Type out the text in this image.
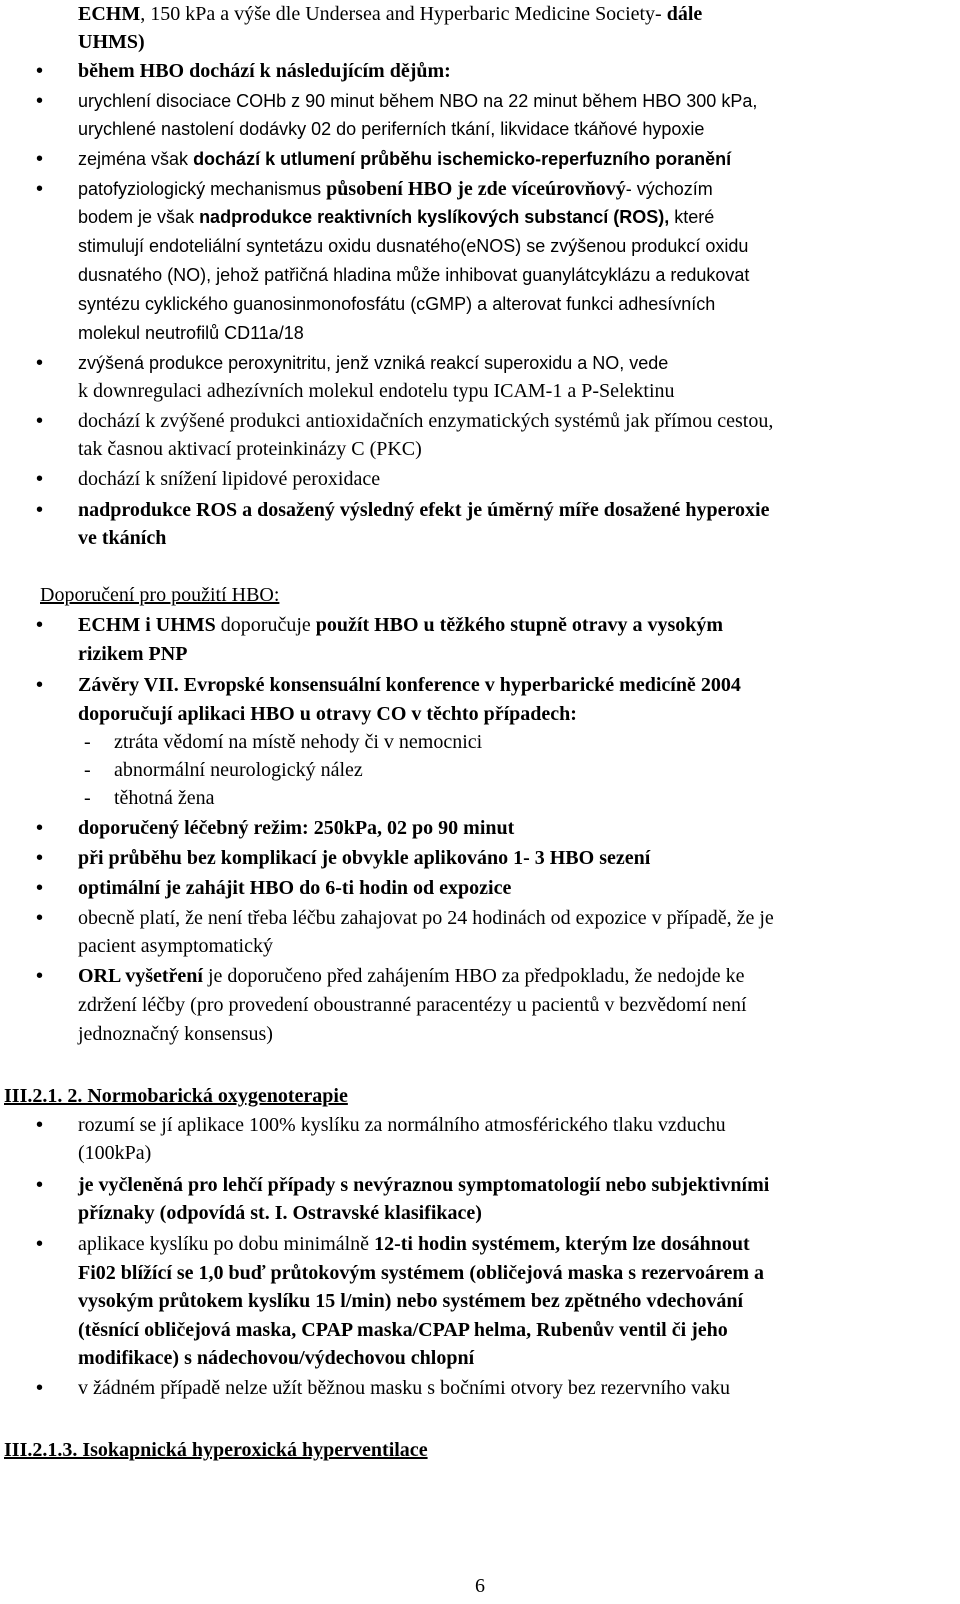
ECHM, 150 kPa a výše dle Undersea and Hyperbaric Medicine Society- dále

UHMS)

• během HBO dochází k následujícím dějům:

• urychlení disociace COHb z 90 minut během NBO na 22 minut během HBO 300 kPa,

urychlené nastolení dodávky 02 do periferních tkání, likvidace tkáňové hypoxie

• zejména však dochází k utlumení průběhu ischemicko-reperfuzního poranění

• patofyziologický mechanismus působení HBO je zde víceúrovňový- výchozím

bodem je však nadprodukce reaktivních kyslíkových substancí (ROS), které

stimulují endoteliální syntetázu oxidu dusnatého(eNOS) se zvýšenou produkcí oxidu

dusnatého (NO), jehož patřičná hladina může inhibovat guanylátcyklázu a redukovat

syntézu cyklického guanosinmonofosfátu (cGMP) a alterovat funkci adhesívních

molekul neutrofilů CD11a/18

• zvýšená produkce peroxynitritu, jenž vzniká reakcí superoxidu a NO, vede

k downregulaci adhezívních molekul endotelu typu ICAM-1 a P-Selektinu

• dochází k zvýšené produkci antioxidačních enzymatických systémů jak přímou cestou,

tak časnou aktivací proteinkinázy C (PKC)

• dochází k snížení lipidové peroxidace

• nadprodukce ROS a dosažený výsledný efekt je úměrný míře dosažené hyperoxie

ve tkáních

Doporučení pro použití HBO:

• ECHM i UHMS doporučuje použít HBO u těžkého stupně otravy a vysokým

rizikem PNP

• Závěry VII. Evropské konsensuální konference v hyperbarické medicíně 2004

doporučují aplikaci HBO u otravy CO v těchto případech:

- ztráta vědomí na místě nehody či v nemocnici

- abnormální neurologický nález

- těhotná žena

• doporučený léčebný režim: 250kPa, 02 po 90 minut

• při průběhu bez komplikací je obvykle aplikováno 1- 3 HBO sezení

• optimální je zahájit HBO do 6-ti hodin od expozice

• obecně platí, že není třeba léčbu zahajovat po 24 hodinách od expozice v případě, že je

pacient asymptomatický

• ORL vyšetření je doporučeno před zahájením HBO za předpokladu, že nedojde ke

zdržení léčby (pro provedení oboustranné paracentézy u pacientů v bezvědomí není

jednoznačný konsensus)

III.2.1. 2. Normobarická oxygenoterapie

• rozumí se jí aplikace 100% kyslíku za normálního atmosférického tlaku vzduchu

(100kPa)

• je vyčleněná pro lehčí případy s nevýraznou symptomatologií nebo subjektivními

příznaky (odpovídá st. I. Ostravské klasifikace)

• aplikace kyslíku po dobu minimálně 12-ti hodin systémem, kterým lze dosáhnout

Fi02 blížící se 1,0 buď průtokovým systémem (obličejová maska s rezervoárem a

vysokým průtokem kyslíku 15 l/min) nebo systémem bez zpětného vdechování

(těsnící obličejová maska, CPAP maska/CPAP helma, Rubenův ventil či jeho

modifikace) s nádechovou/výdechovou chlopní

• v žádném případě nelze užít běžnou masku s bočními otvory bez rezervního vaku

III.2.1.3. Isokapnická hyperoxická hyperventilace

6
